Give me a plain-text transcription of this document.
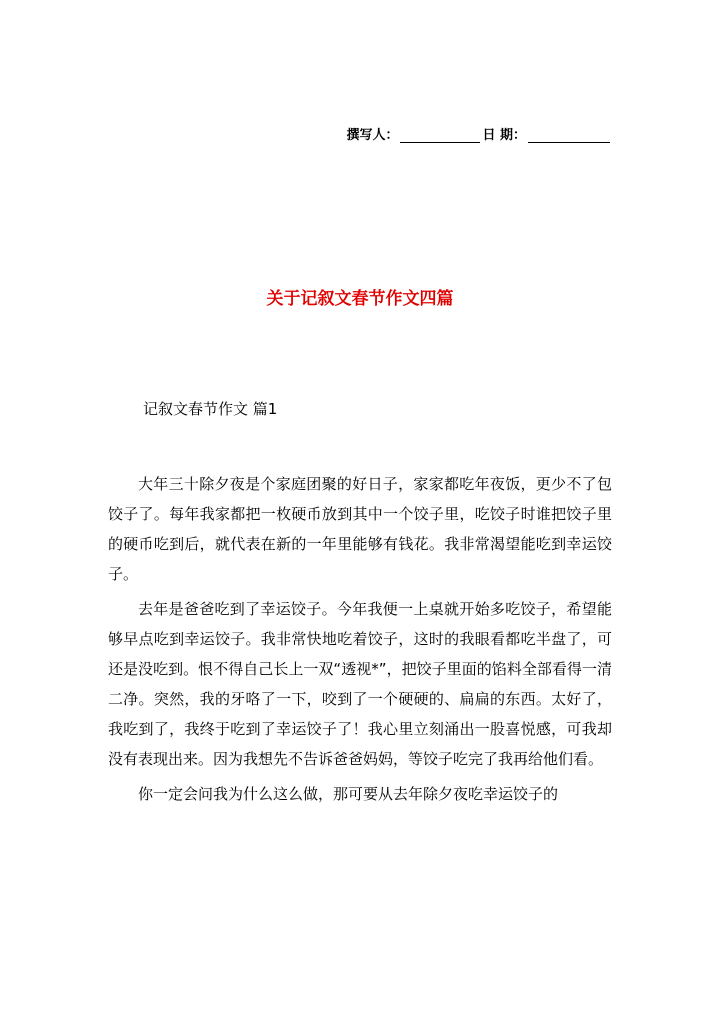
撰写人：	日 期：
关于记叙文春节作文四篇
记叙文春节作文 篇1

大年三十除夕夜是个家庭团聚的好日子，家家都吃年夜饭，更少不了包饺子了。每年我家都把一枚硬币放到其中一个饺子里，吃饺子时谁把饺子里的硬币吃到后，就代表在新的一年里能够有钱花。我非常渴望能吃到幸运饺子。

去年是爸爸吃到了幸运饺子。今年我便一上桌就开始多吃饺子，希望能够早点吃到幸运饺子。我非常快地吃着饺子，这时的我眼看都吃半盘了，可还是没吃到。恨不得自己长上一双“透视*”，把饺子里面的馅料全部看得一清二净。突然，我的牙咯了一下，咬到了一个硬硬的、扁扁的东西。太好了，我吃到了，我终于吃到了幸运饺子了！我心里立刻涌出一股喜悦感，可我却没有表现出来。因为我想先不告诉爸爸妈妈，等饺子吃完了我再给他们看。

你一定会问我为什么这么做，那可要从去年除夕夜吃幸运饺子的
